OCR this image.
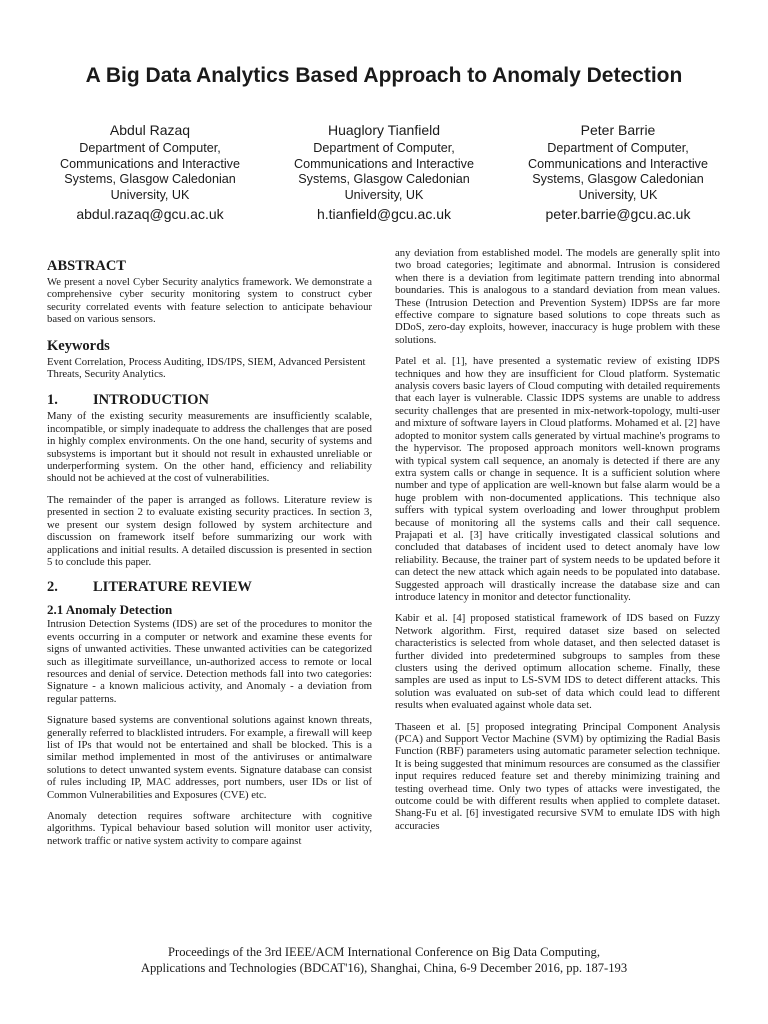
A Big Data Analytics Based Approach to Anomaly Detection
Abdul Razaq
Department of Computer, Communications and Interactive Systems, Glasgow Caledonian University, UK
abdul.razaq@gcu.ac.uk
Huaglory Tianfield
Department of Computer, Communications and Interactive Systems, Glasgow Caledonian University, UK
h.tianfield@gcu.ac.uk
Peter Barrie
Department of Computer, Communications and Interactive Systems, Glasgow Caledonian University, UK
peter.barrie@gcu.ac.uk
ABSTRACT

We present a novel Cyber Security analytics framework. We demonstrate a comprehensive cyber security monitoring system to construct cyber security correlated events with feature selection to anticipate behaviour based on various sensors.

Keywords

Event Correlation, Process Auditing, IDS/IPS, SIEM, Advanced Persistent Threats, Security Analytics.

1.	INTRODUCTION

Many of the existing security measurements are insufficiently scalable, incompatible, or simply inadequate to address the challenges that are posed in highly complex environments. On the one hand, security of systems and subsystems is important but it should not result in exhausted unreliable or underperforming system. On the other hand, efficiency and reliability should not be achieved at the cost of vulnerabilities.

The remainder of the paper is arranged as follows. Literature review is presented in section 2 to evaluate existing security practices. In section 3, we present our system design followed by system architecture and discussion on framework itself before summarizing our work with applications and initial results. A detailed discussion is presented in section 5 to conclude this paper.

2.	LITERATURE REVIEW
2.1 Anomaly Detection

Intrusion Detection Systems (IDS) are set of the procedures to monitor the events occurring in a computer or network and examine these events for signs of unwanted activities. These unwanted activities can be categorized such as illegitimate surveillance, un-authorized access to remote or local resources and denial of service. Detection methods fall into two categories: Signature - a known malicious activity, and Anomaly - a deviation from regular patterns.

Signature based systems are conventional solutions against known threats, generally referred to blacklisted intruders. For example, a firewall will keep list of IPs that would not be entertained and shall be blocked. This is a similar method implemented in most of the antiviruses or antimalware solutions to detect unwanted system events. Signature database can consist of rules including IP, MAC addresses, port numbers, user IDs or list of Common Vulnerabilities and Exposures (CVE) etc.

Anomaly detection requires software architecture with cognitive algorithms. Typical behaviour based solution will monitor user activity, network traffic or native system activity to compare against

any deviation from established model. The models are generally split into two broad categories; legitimate and abnormal. Intrusion is considered when there is a deviation from legitimate pattern trending into abnormal boundaries. This is analogous to a standard deviation from mean values. These (Intrusion Detection and Prevention System) IDPSs are far more effective compare to signature based solutions to cope threats such as DDoS, zero-day exploits, however, inaccuracy is huge problem with these solutions.

Patel et al. [1], have presented a systematic review of existing IDPS techniques and how they are insufficient for Cloud platform. Systematic analysis covers basic layers of Cloud computing with detailed requirements that each layer is vulnerable. Classic IDPS systems are unable to address security challenges that are presented in mix-network-topology, multi-user and mixture of software layers in Cloud platforms. Mohamed et al. [2] have adopted to monitor system calls generated by virtual machine's programs to the hypervisor. The proposed approach monitors well-known programs with typical system call sequence, an anomaly is detected if there are any extra system calls or change in sequence. It is a sufficient solution where number and type of application are well-known but false alarm would be a huge problem with non-documented applications. This technique also suffers with typical system overloading and lower throughput problem because of monitoring all the systems calls and their call sequence. Prajapati et al. [3] have critically investigated classical solutions and concluded that databases of incident used to detect anomaly have low reliability. Because, the trainer part of system needs to be updated before it can detect the new attack which again needs to be populated into database. Suggested approach will drastically increase the database size and can introduce latency in monitor and detector functionality.

Kabir et al. [4] proposed statistical framework of IDS based on Fuzzy Network algorithm. First, required dataset size based on selected characteristics is selected from whole dataset, and then selected dataset is further divided into predetermined subgroups to samples from these clusters using the derived optimum allocation scheme. Finally, these samples are used as input to LS-SVM IDS to detect different attacks. This solution was evaluated on sub-set of data which could lead to different results when evaluated against whole data set.

Thaseen et al. [5] proposed integrating Principal Component Analysis (PCA) and Support Vector Machine (SVM) by optimizing the Radial Basis Function (RBF) parameters using automatic parameter selection technique. It is being suggested that minimum resources are consumed as the classifier input requires reduced feature set and thereby minimizing training and testing overhead time. Only two types of attacks were investigated, the outcome could be with different results when applied to complete dataset. Shang-Fu et al. [6] investigated recursive SVM to emulate IDS with high accuracies

Proceedings of the 3rd IEEE/ACM International Conference on Big Data Computing,
Applications and Technologies (BDCAT'16), Shanghai, China, 6-9 December 2016, pp. 187-193
